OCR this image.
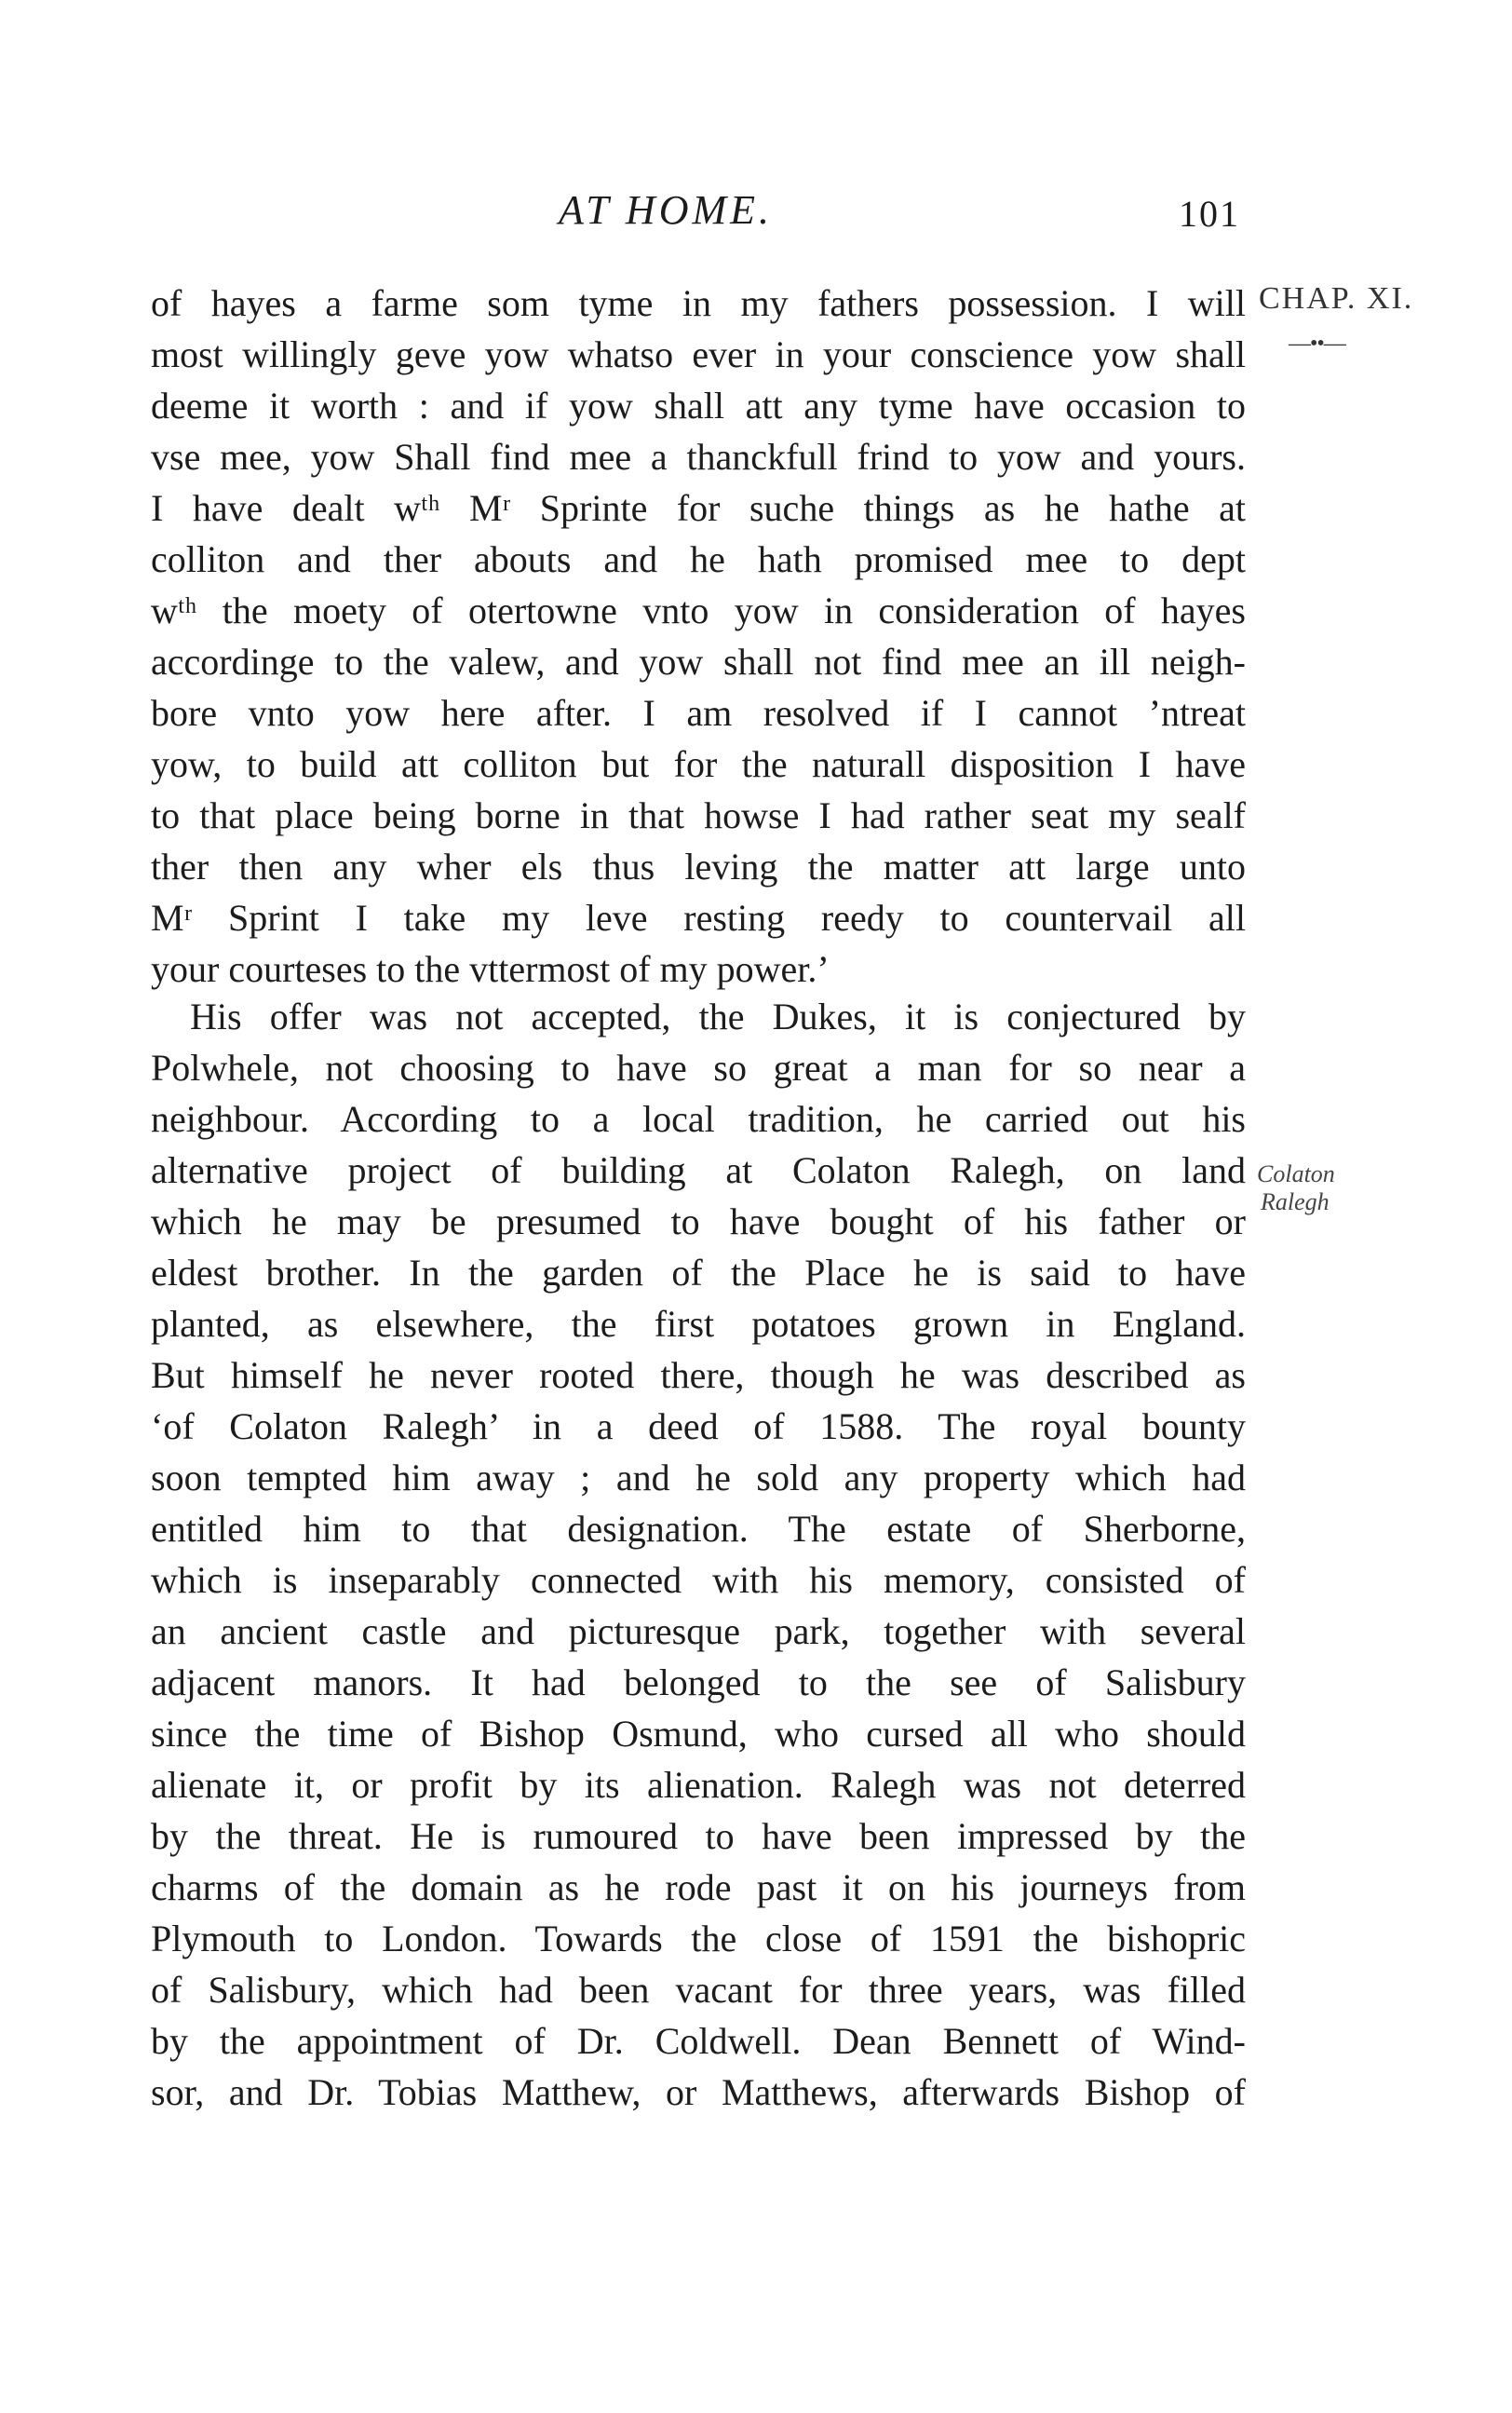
AT HOME.	101
CHAP. XI.
—••—
Colaton
Ralegh
of hayes a farme som tyme in my fathers possession. I will
most willingly geve yow whatso ever in your conscience yow shall
deeme it worth : and if yow shall att any tyme have occasion to
vse mee, yow Shall find mee a thanckfull frind to yow and yours.
I have dealt wᵗʰ Mʳ Sprinte for suche things as he hathe at
colliton and ther abouts and he hath promised mee to dept
wᵗʰ the moety of otertowne vnto yow in consideration of hayes
accordinge to the valew, and yow shall not find mee an ill neigh-
bore vnto yow here after. I am resolved if I cannot ’ntreat
yow, to build att colliton but for the naturall disposition I have
to that place being borne in that howse I had rather seat my sealf
ther then any wher els thus leving the matter att large unto
Mʳ Sprint I take my leve resting reedy to countervail all
your courteses to the vttermost of my power.’
His offer was not accepted, the Dukes, it is conjectured by
Polwhele, not choosing to have so great a man for so near a
neighbour. According to a local tradition, he carried out his
alternative project of building at Colaton Ralegh, on land
which he may be presumed to have bought of his father or
eldest brother. In the garden of the Place he is said to have
planted, as elsewhere, the first potatoes grown in England.
But himself he never rooted there, though he was described as
‘of Colaton Ralegh’ in a deed of 1588. The royal bounty
soon tempted him away ; and he sold any property which had
entitled him to that designation. The estate of Sherborne,
which is inseparably connected with his memory, consisted of
an ancient castle and picturesque park, together with several
adjacent manors. It had belonged to the see of Salisbury
since the time of Bishop Osmund, who cursed all who should
alienate it, or profit by its alienation. Ralegh was not deterred
by the threat. He is rumoured to have been impressed by the
charms of the domain as he rode past it on his journeys from
Plymouth to London. Towards the close of 1591 the bishopric
of Salisbury, which had been vacant for three years, was filled
by the appointment of Dr. Coldwell. Dean Bennett of Wind-
sor, and Dr. Tobias Matthew, or Matthews, afterwards Bishop of
